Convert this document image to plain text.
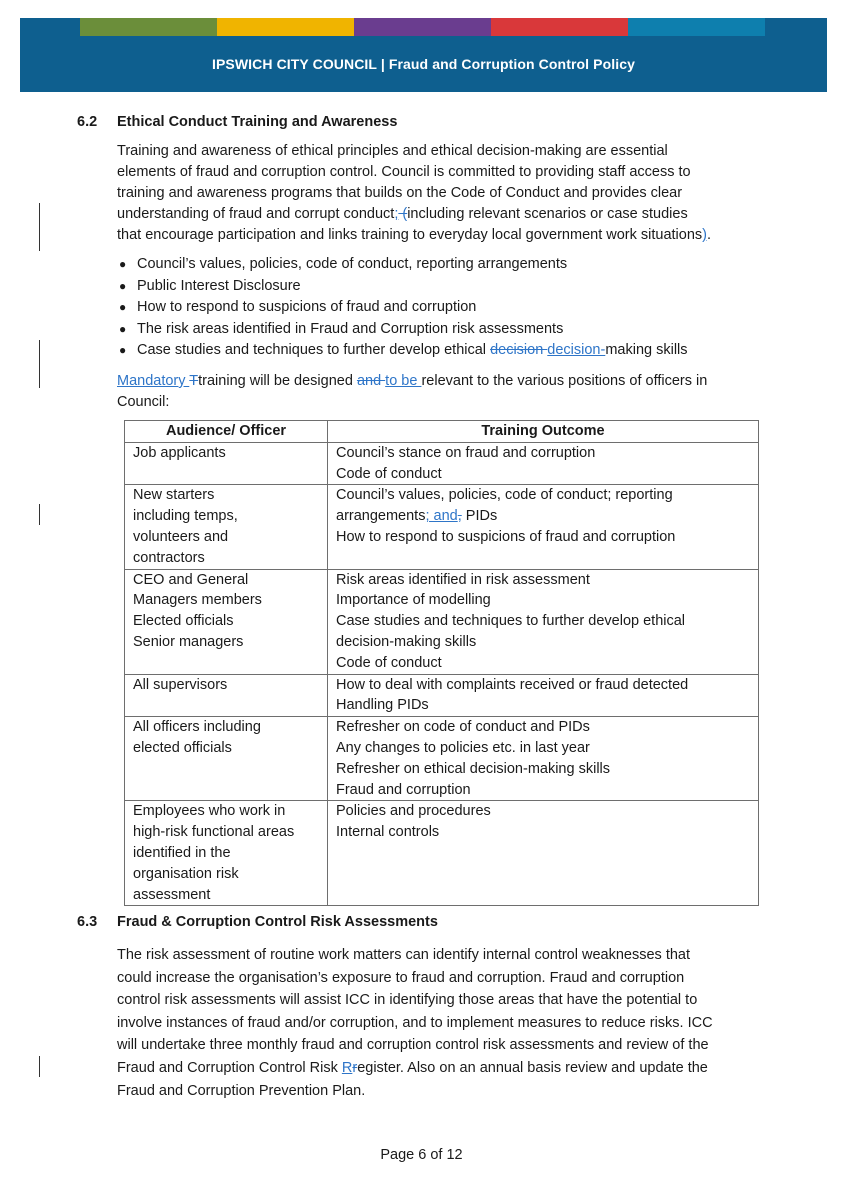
IPSWICH CITY COUNCIL | Fraud and Corruption Control Policy
6.2 Ethical Conduct Training and Awareness
Training and awareness of ethical principles and ethical decision-making are essential
elements of fraud and corruption control. Council is committed to providing staff access to
training and awareness programs that builds on the Code of Conduct and provides clear
understanding of fraud and corrupt conduct; (including relevant scenarios or case studies
that encourage participation and links training to everyday local government work situations).
● Council’s values, policies, code of conduct, reporting arrangements
● Public Interest Disclosure
● How to respond to suspicions of fraud and corruption
● The risk areas identified in Fraud and Corruption risk assessments
● Case studies and techniques to further develop ethical decision decision-making skills
Mandatory Ttraining will be designed and to be relevant to the various positions of officers in
Council:
Audience/ Officer	Training Outcome

Job applicants	Council’s stance on fraud and corruption
Code of conduct

New starters
including temps,
volunteers and
contractors	Council’s values, policies, code of conduct; reporting
arrangements; and, PIDs
How to respond to suspicions of fraud and corruption

CEO and General
Managers members
Elected officials
Senior managers	Risk areas identified in risk assessment
Importance of modelling
Case studies and techniques to further develop ethical
decision-making skills
Code of conduct

All supervisors	How to deal with complaints received or fraud detected
Handling PIDs

All officers including
elected officials	Refresher on code of conduct and PIDs
Any changes to policies etc. in last year
Refresher on ethical decision-making skills
Fraud and corruption

Employees who work in
high-risk functional areas
identified in the
organisation risk
assessment	Policies and procedures
Internal controls
6.3 Fraud & Corruption Control Risk Assessments
The risk assessment of routine work matters can identify internal control weaknesses that
could increase the organisation’s exposure to fraud and corruption. Fraud and corruption
control risk assessments will assist ICC in identifying those areas that have the potential to
involve instances of fraud and/or corruption, and to implement measures to reduce risks. ICC
will undertake three monthly fraud and corruption control risk assessments and review of the
Fraud and Corruption Control Risk Rregister. Also on an annual basis review and update the
Fraud and Corruption Prevention Plan.
Page 6 of 12
